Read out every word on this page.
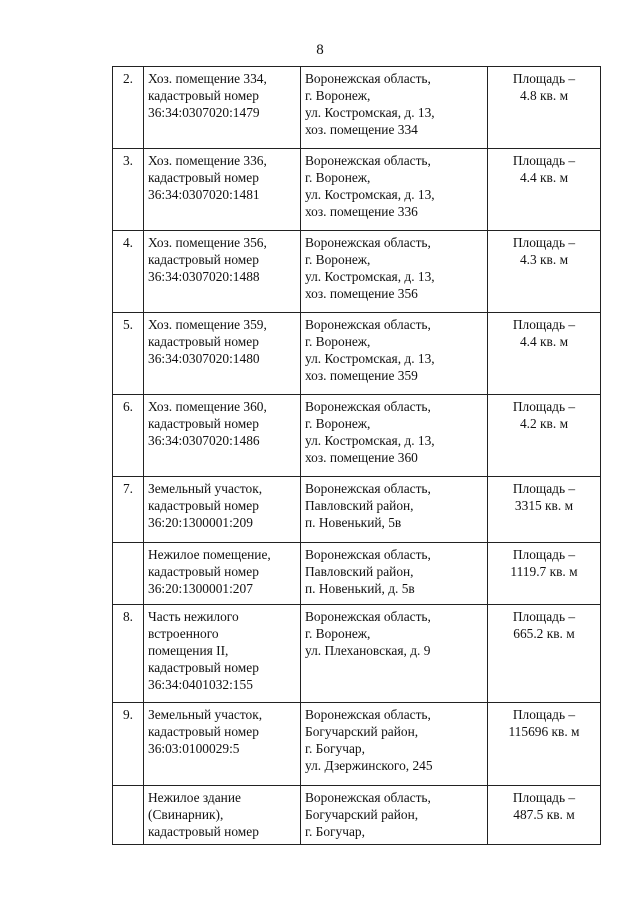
8
2.	Хоз. помещение 334,
кадастровый номер
36:34:0307020:1479	Воронежская область,
г. Воронеж,
ул. Костромская, д. 13,
хоз. помещение 334	Площадь –
4.8 кв. м

3.	Хоз. помещение 336,
кадастровый номер
36:34:0307020:1481	Воронежская область,
г. Воронеж,
ул. Костромская, д. 13,
хоз. помещение 336	Площадь –
4.4 кв. м

4.	Хоз. помещение 356,
кадастровый номер
36:34:0307020:1488	Воронежская область,
г. Воронеж,
ул. Костромская, д. 13,
хоз. помещение 356	Площадь –
4.3 кв. м

5.	Хоз. помещение 359,
кадастровый номер
36:34:0307020:1480	Воронежская область,
г. Воронеж,
ул. Костромская, д. 13,
хоз. помещение 359	Площадь –
4.4 кв. м

6.	Хоз. помещение 360,
кадастровый номер
36:34:0307020:1486	Воронежская область,
г. Воронеж,
ул. Костромская, д. 13,
хоз. помещение 360	Площадь –
4.2 кв. м

7.	Земельный участок,
кадастровый номер
36:20:1300001:209	Воронежская область,
Павловский район,
п. Новенький, 5в	Площадь –
3315 кв. м

	Нежилое помещение,
кадастровый номер
36:20:1300001:207	Воронежская область,
Павловский район,
п. Новенький, д. 5в	Площадь –
1119.7 кв. м

8.	Часть нежилого
встроенного
помещения II,
кадастровый номер
36:34:0401032:155	Воронежская область,
г. Воронеж,
ул. Плехановская, д. 9	Площадь –
665.2 кв. м

9.	Земельный участок,
кадастровый номер
36:03:0100029:5	Воронежская область,
Богучарский район,
г. Богучар,
ул. Дзержинского, 245	Площадь –
115696 кв. м

	Нежилое здание
(Свинарник),
кадастровый номер	Воронежская область,
Богучарский район,
г. Богучар,	Площадь –
487.5 кв. м
